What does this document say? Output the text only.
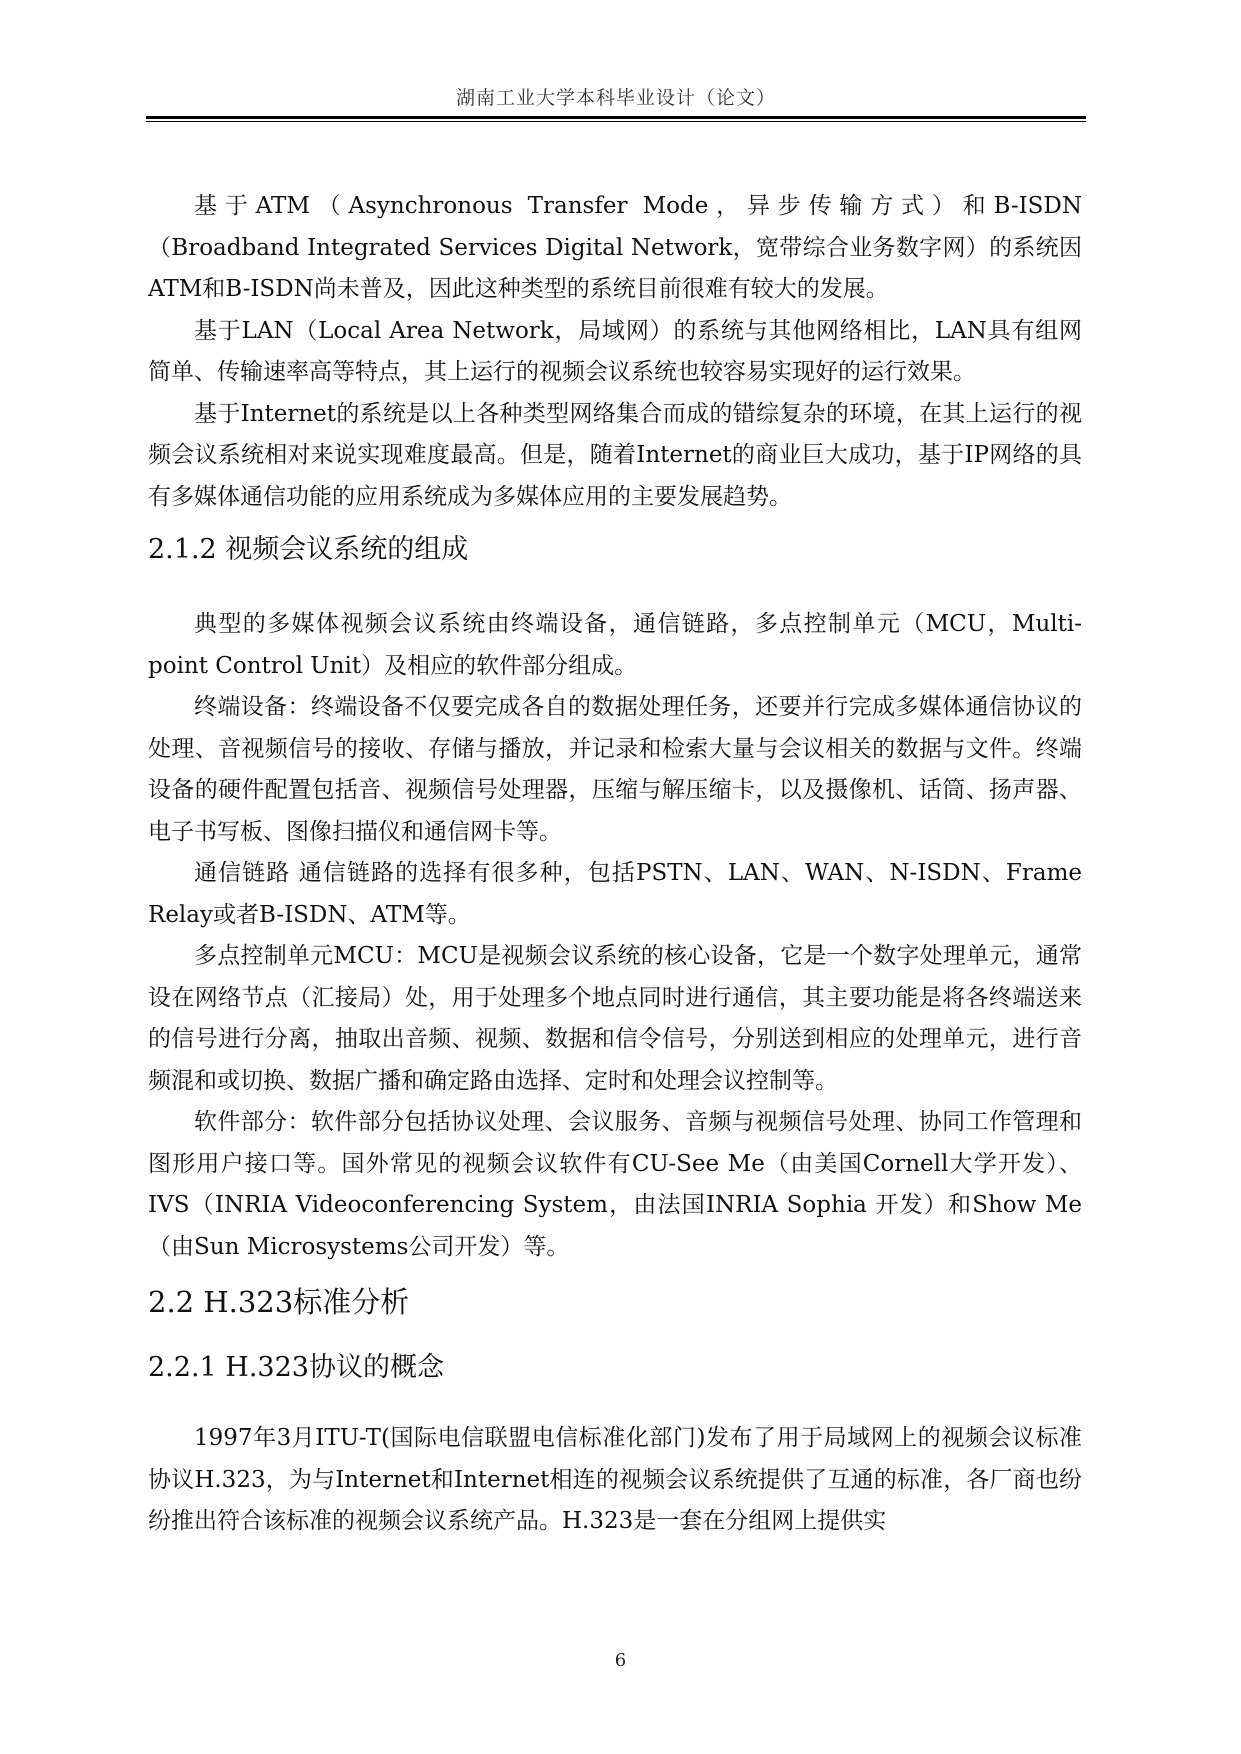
湖南工业大学本科毕业设计（论文）

基于ATM（Asynchronous Transfer Mode，异步传输方式）和B-ISDN（Broadband Integrated Services Digital Network，宽带综合业务数字网）的系统因ATM和B-ISDN尚未普及，因此这种类型的系统目前很难有较大的发展。

基于LAN（Local Area Network，局域网）的系统与其他网络相比，LAN具有组网简单、传输速率高等特点，其上运行的视频会议系统也较容易实现好的运行效果。

基于Internet的系统是以上各种类型网络集合而成的错综复杂的环境，在其上运行的视频会议系统相对来说实现难度最高。但是，随着Internet的商业巨大成功，基于IP网络的具有多媒体通信功能的应用系统成为多媒体应用的主要发展趋势。

2.1.2 视频会议系统的组成

典型的多媒体视频会议系统由终端设备，通信链路，多点控制单元（MCU，Multi-point Control Unit）及相应的软件部分组成。

终端设备：终端设备不仅要完成各自的数据处理任务，还要并行完成多媒体通信协议的处理、音视频信号的接收、存储与播放，并记录和检索大量与会议相关的数据与文件。终端设备的硬件配置包括音、视频信号处理器，压缩与解压缩卡，以及摄像机、话筒、扬声器、电子书写板、图像扫描仪和通信网卡等。

通信链路 通信链路的选择有很多种，包括PSTN、LAN、WAN、N-ISDN、Frame Relay或者B-ISDN、ATM等。

多点控制单元MCU：MCU是视频会议系统的核心设备，它是一个数字处理单元，通常设在网络节点（汇接局）处，用于处理多个地点同时进行通信，其主要功能是将各终端送来的信号进行分离，抽取出音频、视频、数据和信令信号，分别送到相应的处理单元，进行音频混和或切换、数据广播和确定路由选择、定时和处理会议控制等。

软件部分：软件部分包括协议处理、会议服务、音频与视频信号处理、协同工作管理和图形用户接口等。国外常见的视频会议软件有CU-See Me（由美国Cornell大学开发）、IVS（INRIA Videoconferencing System，由法国INRIA Sophia 开发）和Show Me（由Sun Microsystems公司开发）等。

2.2 H.323标准分析
2.2.1 H.323协议的概念

1997年3月ITU-T(国际电信联盟电信标准化部门)发布了用于局域网上的视频会议标准协议H.323，为与Internet和Internet相连的视频会议系统提供了互通的标准，各厂商也纷纷推出符合该标准的视频会议系统产品。H.323是一套在分组网上提供实

6
